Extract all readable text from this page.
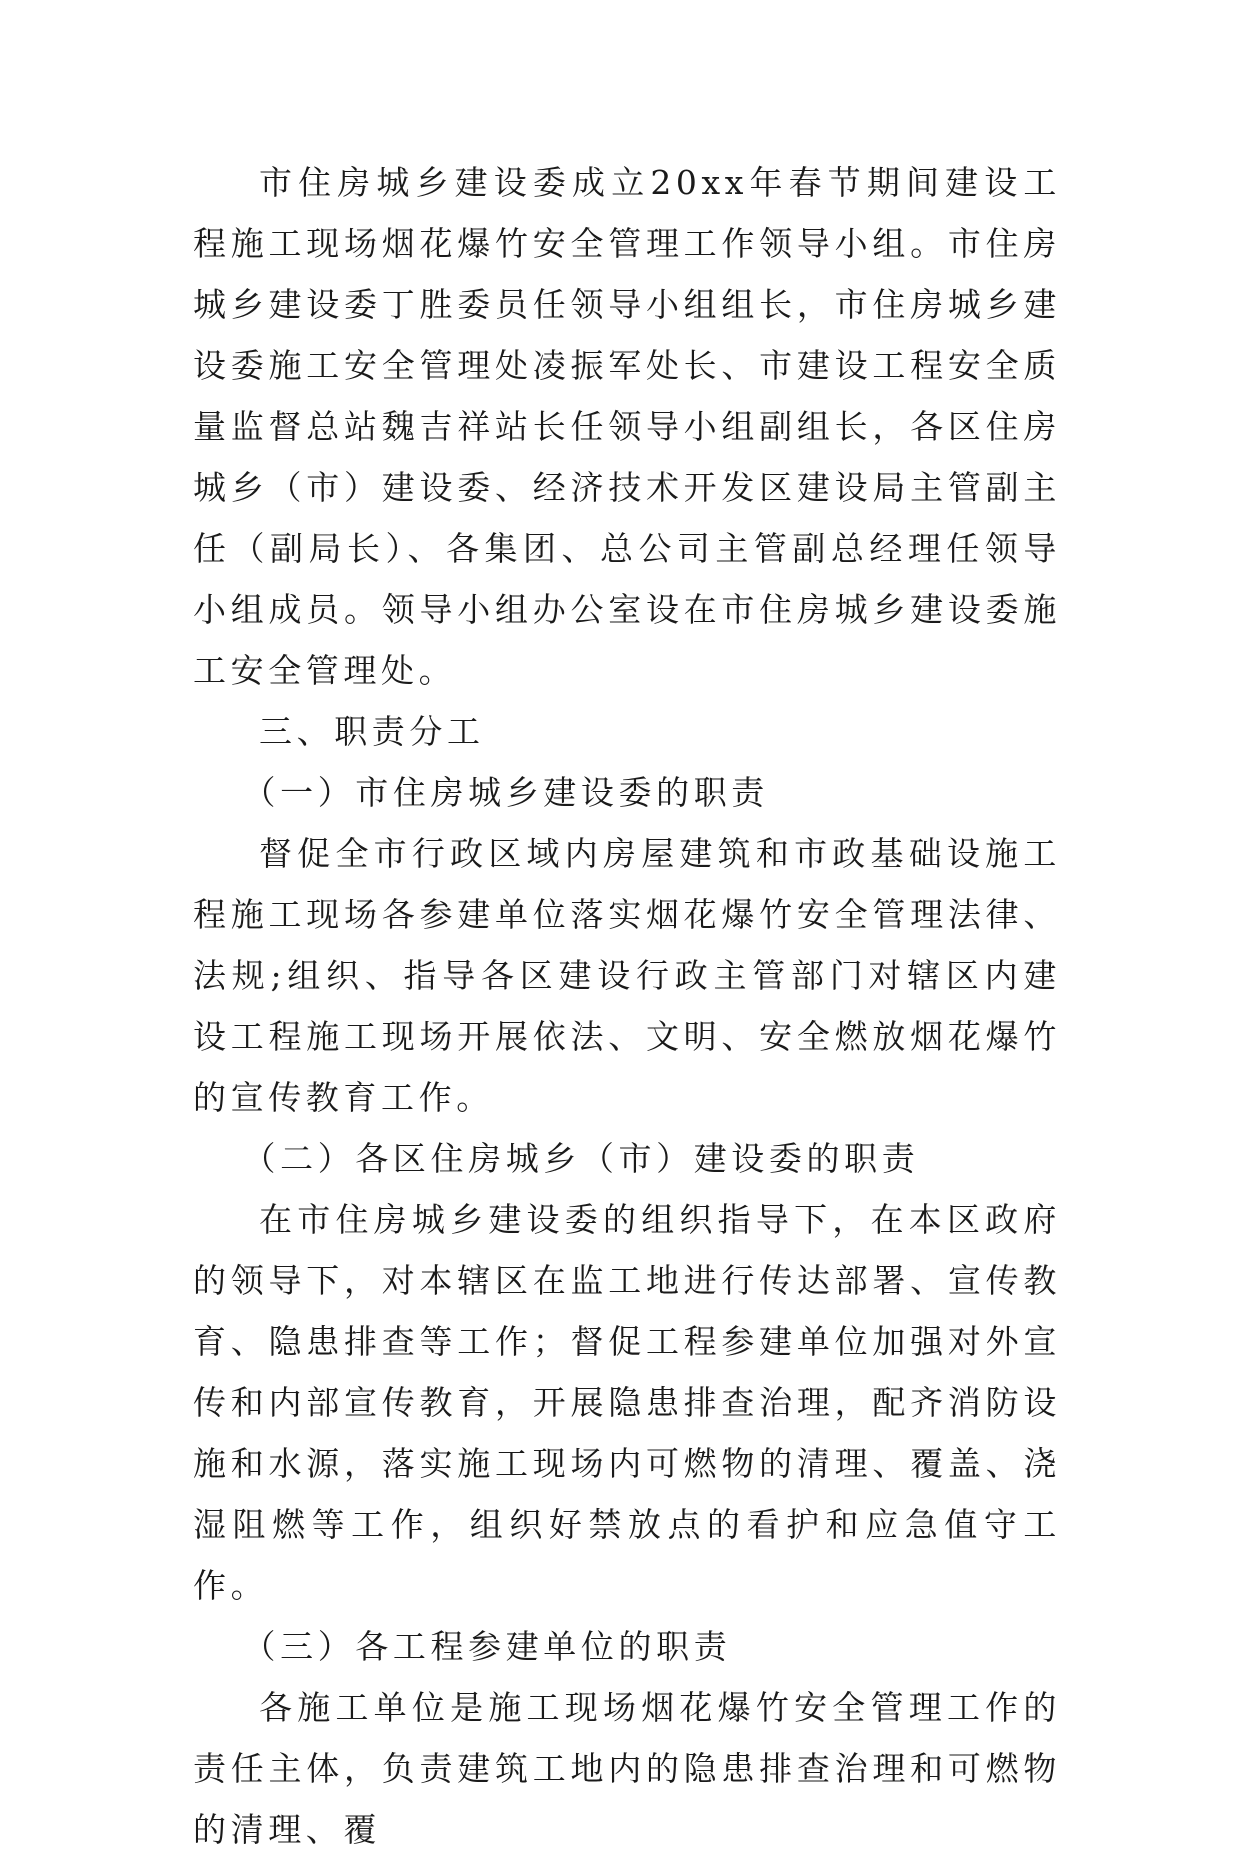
市住房城乡建设委成立20xx年春节期间建设工程施工现场烟花爆竹安全管理工作领导小组。市住房城乡建设委丁胜委员任领导小组组长，市住房城乡建设委施工安全管理处凌振军处长、市建设工程安全质量监督总站魏吉祥站长任领导小组副组长，各区住房城乡（市）建设委、经济技术开发区建设局主管副主任（副局长）、各集团、总公司主管副总经理任领导小组成员。领导小组办公室设在市住房城乡建设委施工安全管理处。

三、职责分工

（一）市住房城乡建设委的职责

督促全市行政区域内房屋建筑和市政基础设施工程施工现场各参建单位落实烟花爆竹安全管理法律、法规;组织、指导各区建设行政主管部门对辖区内建设工程施工现场开展依法、文明、安全燃放烟花爆竹的宣传教育工作。

（二）各区住房城乡（市）建设委的职责

在市住房城乡建设委的组织指导下，在本区政府的领导下，对本辖区在监工地进行传达部署、宣传教育、隐患排查等工作；督促工程参建单位加强对外宣传和内部宣传教育，开展隐患排查治理，配齐消防设施和水源，落实施工现场内可燃物的清理、覆盖、浇湿阻燃等工作，组织好禁放点的看护和应急值守工作。

（三）各工程参建单位的职责

各施工单位是施工现场烟花爆竹安全管理工作的责任主体，负责建筑工地内的隐患排查治理和可燃物的清理、覆
